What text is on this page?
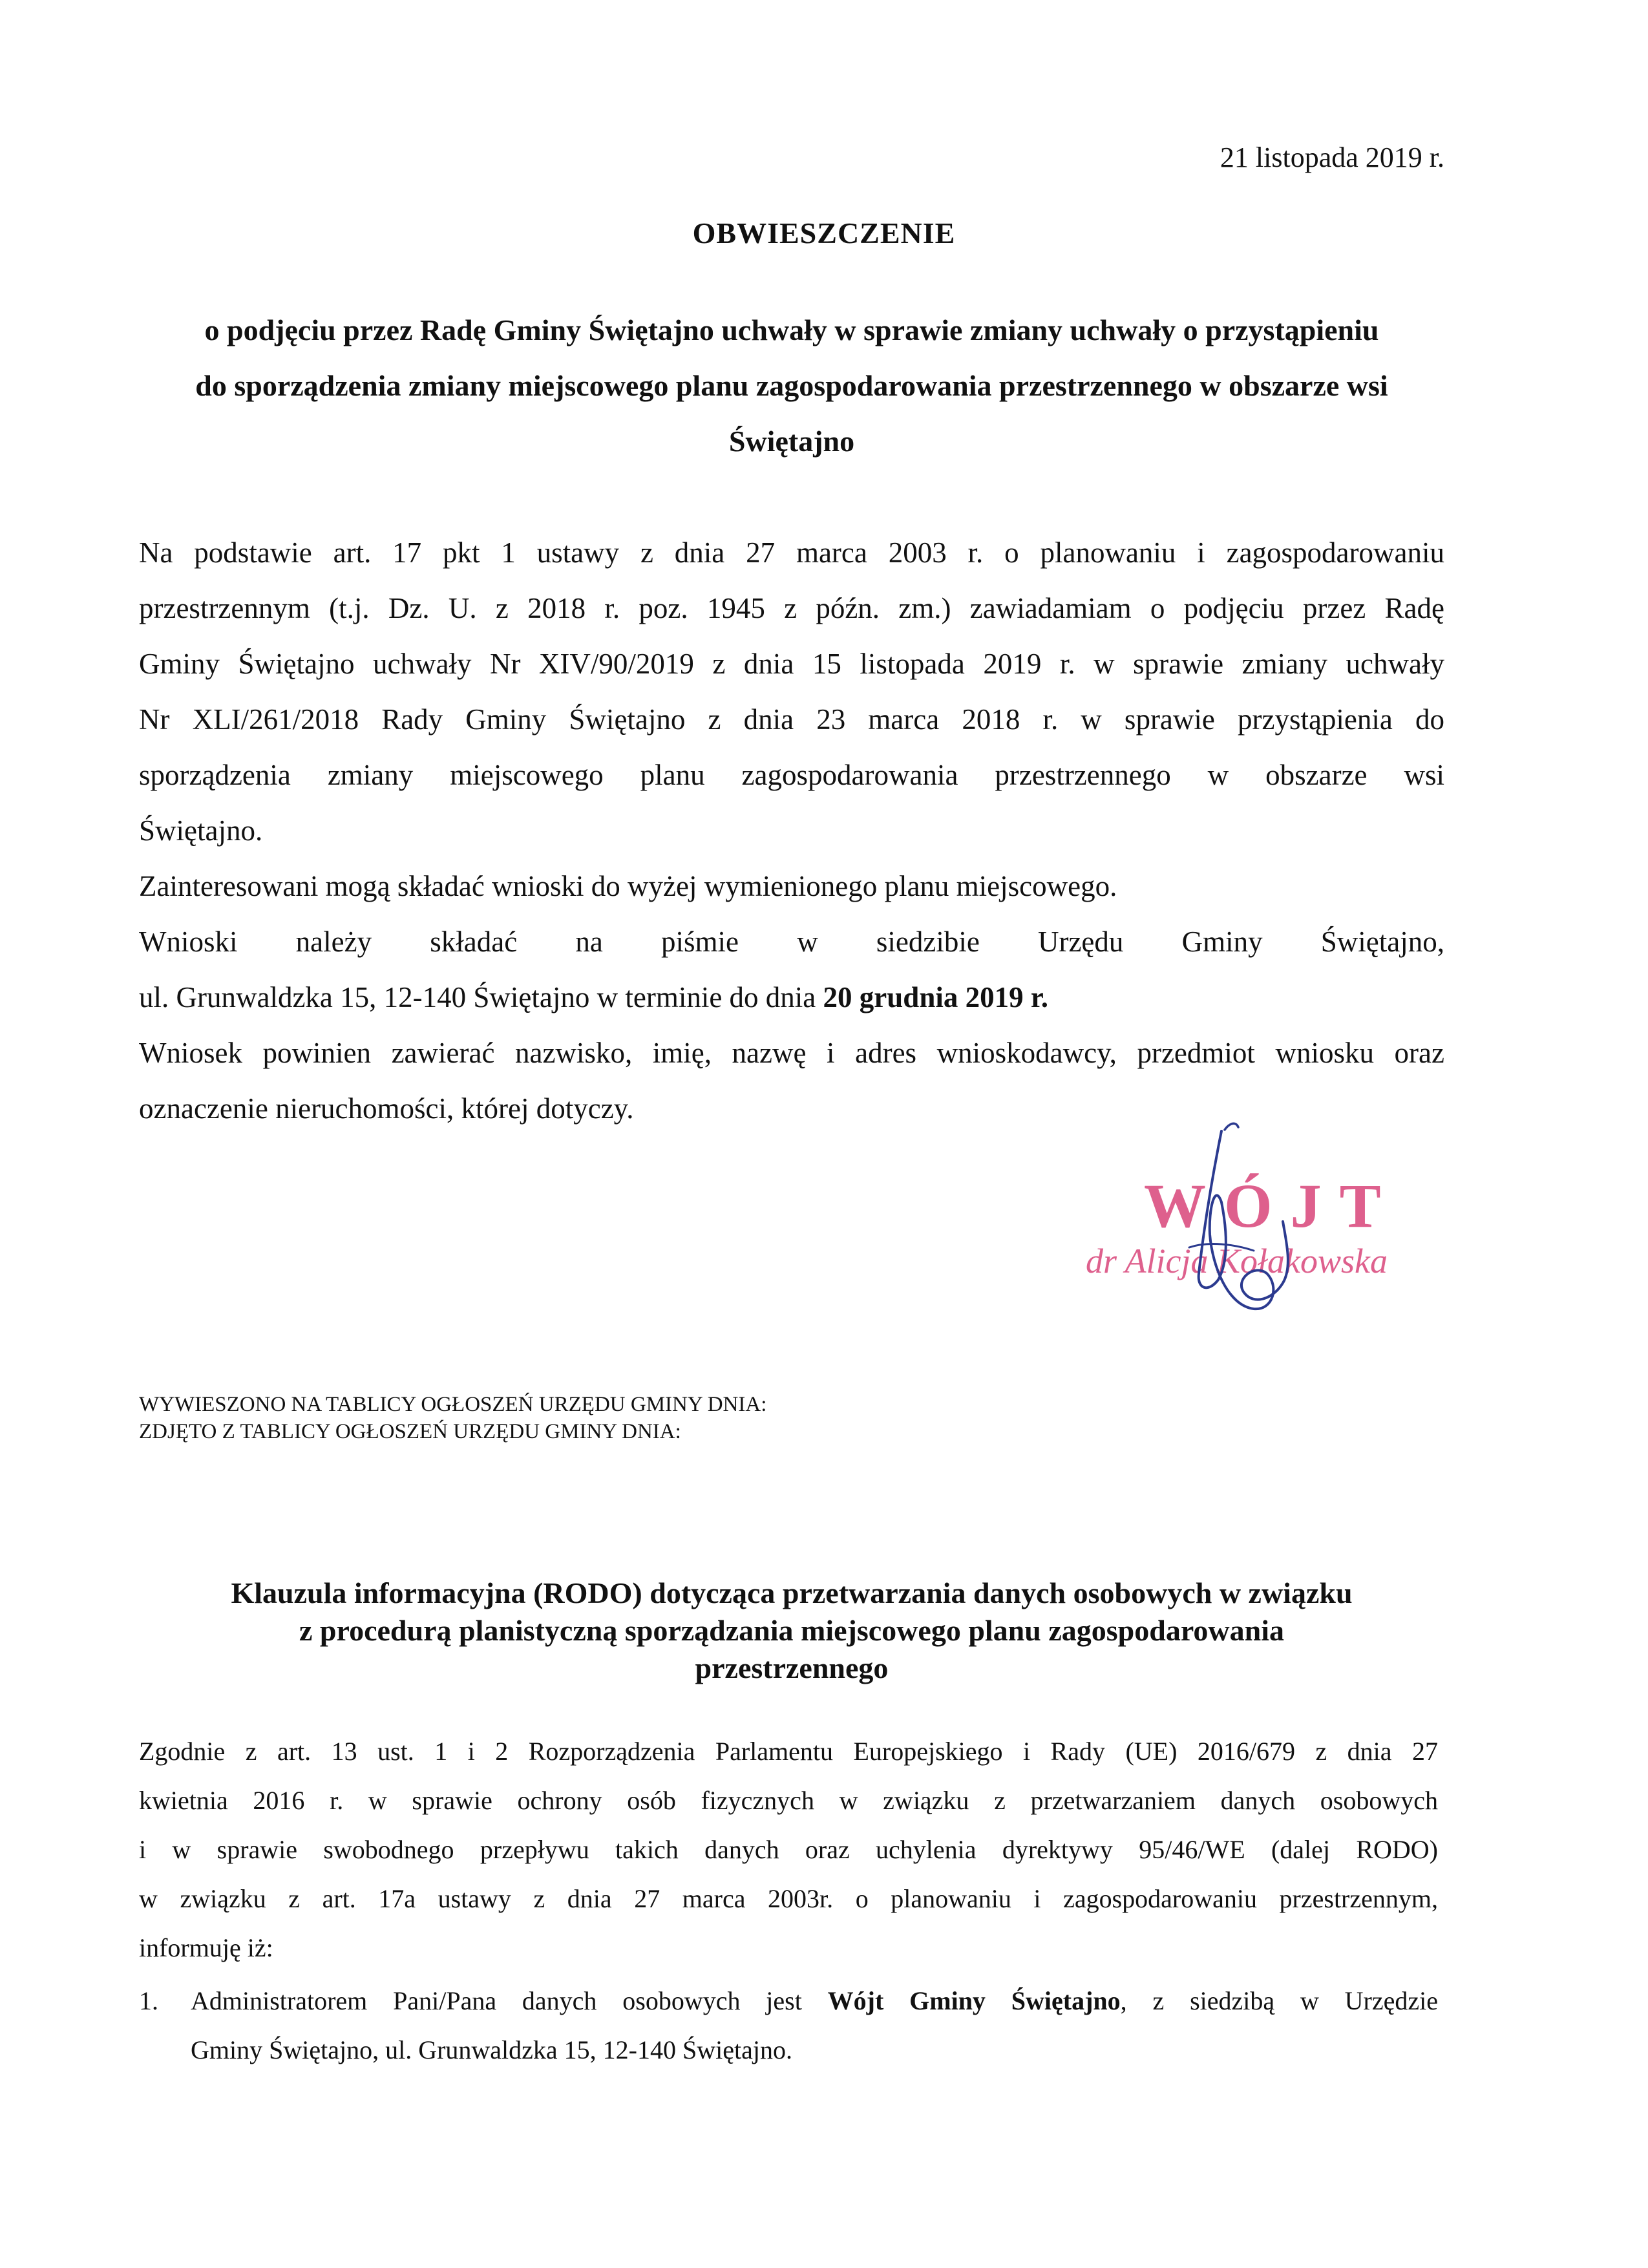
21 listopada 2019 r.
OBWIESZCZENIE
o podjęciu przez Radę Gminy Świętajno uchwały w sprawie zmiany uchwały o przystąpieniu
do sporządzenia zmiany miejscowego planu zagospodarowania przestrzennego w obszarze wsi
Świętajno

Na podstawie art. 17 pkt 1 ustawy z dnia 27 marca 2003 r. o planowaniu i zagospodarowaniu

przestrzennym (t.j. Dz. U. z 2018 r. poz. 1945 z późn. zm.) zawiadamiam o podjęciu przez Radę

Gminy Świętajno uchwały Nr XIV/90/2019 z dnia 15 listopada 2019 r. w sprawie zmiany uchwały

Nr XLI/261/2018 Rady Gminy Świętajno z dnia 23 marca 2018 r. w sprawie przystąpienia do

sporządzenia zmiany miejscowego planu zagospodarowania przestrzennego w obszarze wsi

Świętajno.

Zainteresowani mogą składać wnioski do wyżej wymienionego planu miejscowego.

Wnioski należy składać na piśmie w siedzibie Urzędu Gminy Świętajno,

ul. Grunwaldzka 15, 12-140 Świętajno w terminie do dnia 20 grudnia 2019 r.

Wniosek powinien zawierać nazwisko, imię, nazwę i adres wnioskodawcy, przedmiot wniosku oraz

oznaczenie nieruchomości, której dotyczy.

WÓJT
dr Alicja Kołakowska
WYWIESZONO NA TABLICY OGŁOSZEŃ URZĘDU GMINY DNIA:
ZDJĘTO Z TABLICY OGŁOSZEŃ URZĘDU GMINY DNIA:
Klauzula informacyjna (RODO) dotycząca przetwarzania danych osobowych w związku
z procedurą planistyczną sporządzania miejscowego planu zagospodarowania
przestrzennego

Zgodnie z art. 13 ust. 1 i 2 Rozporządzenia Parlamentu Europejskiego i Rady (UE) 2016/679 z dnia 27

kwietnia 2016 r. w sprawie ochrony osób fizycznych w związku z przetwarzaniem danych osobowych

i w sprawie swobodnego przepływu takich danych oraz uchylenia dyrektywy 95/46/WE (dalej RODO)

w związku z art. 17a ustawy z dnia 27 marca 2003r. o planowaniu i zagospodarowaniu przestrzennym,

informuję iż:

1.	Administratorem Pani/Pana danych osobowych jest Wójt Gminy Świętajno, z siedzibą w Urzędzie
Gminy Świętajno, ul. Grunwaldzka 15, 12-140 Świętajno.
